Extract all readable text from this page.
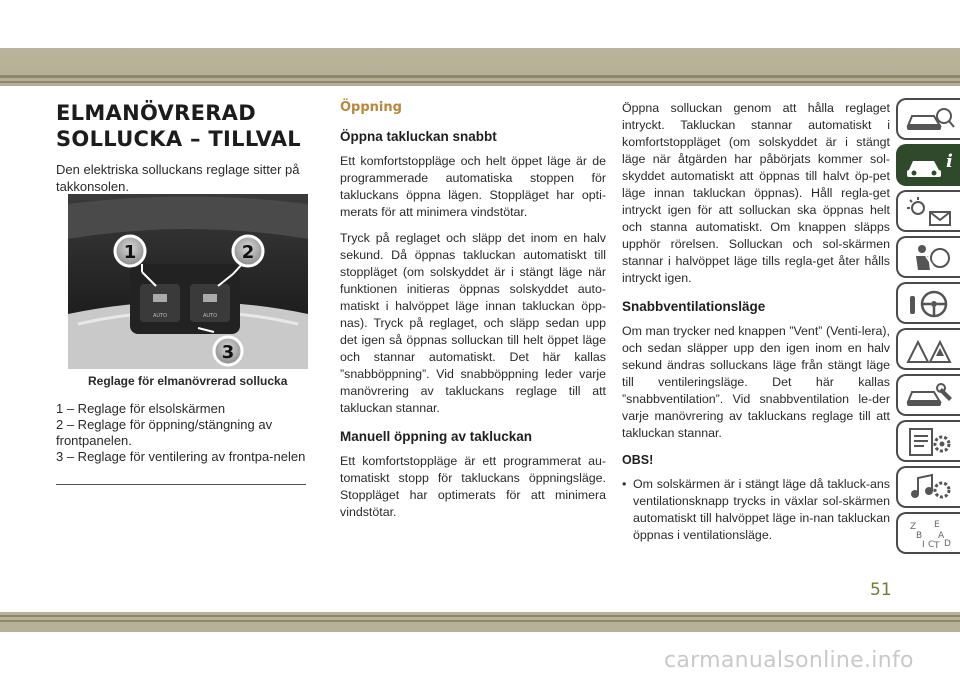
ELMANÖVRERAD
SOLLUCKA – TILLVAL

Den elektriska solluckans reglage sitter på takkonsolen.

AUTO	AUTO
1	2
3
Reglage för elmanövrerad sollucka
1 – Reglage för elsolskärmen
2 – Reglage för öppning/stängning av frontpanelen.
3 – Reglage för ventilering av frontpa-nelen
Öppning
Öppna takluckan snabbt

Ett komfortstoppläge och helt öppet läge är de programmerade automatiska stoppen för takluckans öppna lägen. Stoppläget har opti-merats för att minimera vindstötar.

Tryck på reglaget och släpp det inom en halv sekund. Då öppnas takluckan automatiskt till stoppläget (om solskyddet är i stängt läge när funktionen initieras öppnas solskyddet auto-matiskt i halvöppet läge innan takluckan öpp-nas). Tryck på reglaget, och släpp sedan upp det igen så öppnas solluckan till helt öppet läge och stannar automatiskt. Det här kallas ”snabböppning”. Vid snabböppning leder varje manövrering av takluckans reglage till att takluckan stannar.

Manuell öppning av takluckan

Ett komfortstoppläge är ett programmerat au-tomatiskt stopp för takluckans öppningsläge. Stoppläget har optimerats för att minimera vindstötar.

Öppna solluckan genom att hålla reglaget intryckt. Takluckan stannar automatiskt i komfortstoppläget (om solskyddet är i stängt läge när åtgärden har påbörjats kommer sol-skyddet automatiskt att öppnas till halvt öp-pet läge innan takluckan öppnas). Håll regla-get intryckt igen för att solluckan ska öppnas helt och stanna automatiskt. Om knappen släpps upphör rörelsen. Solluckan och sol-skärmen stannar i halvöppet läge tills regla-get åter hålls intryckt igen.

Snabbventilationsläge

Om man trycker ned knappen ”Vent” (Venti-lera), och sedan släpper upp den igen inom en halv sekund ändras solluckans läge från stängt läge till ventileringsläge. Det här kallas ”snabbventilation”. Vid snabbventilation le-der varje manövrering av takluckans reglage till att takluckan stannar.

OBS!
• Om solskärmen är i stängt läge då takluck-ans ventilationsknapp trycks in växlar sol-skärmen automatiskt till halvöppet läge in-nan takluckan öppnas i ventilationsläge.
i
Z E
B A
I C D
T
51
carmanualsonline.info
